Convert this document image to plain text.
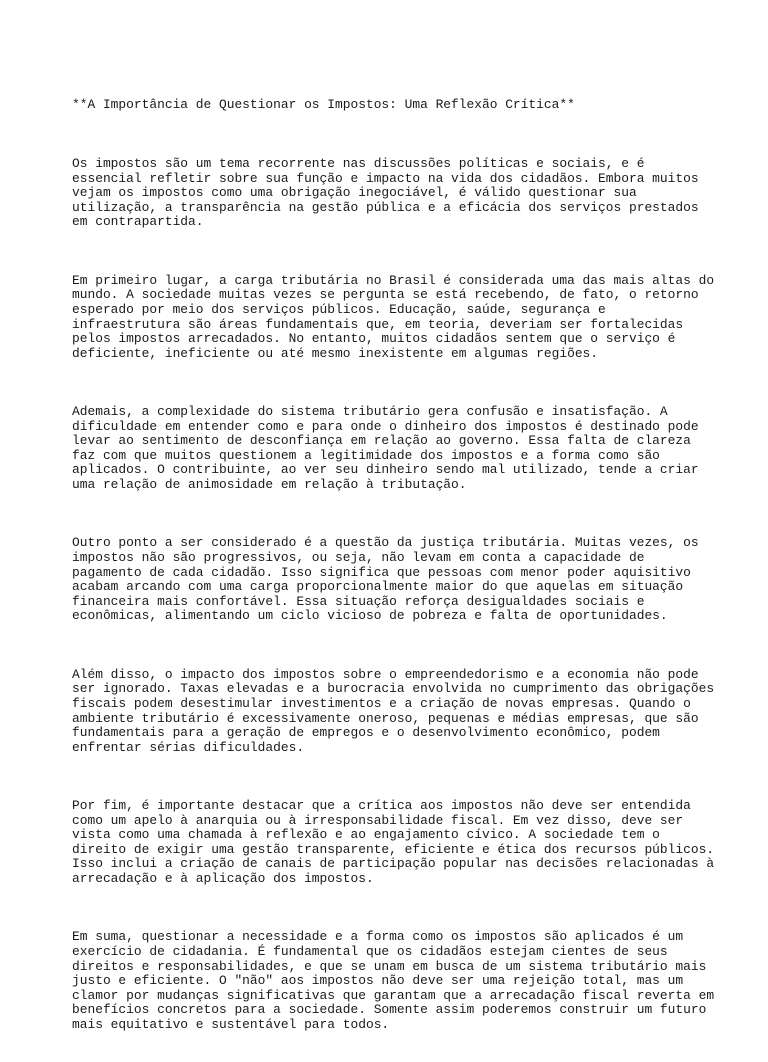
**A Importância de Questionar os Impostos: Uma Reflexão Crítica**

Os impostos são um tema recorrente nas discussões políticas e sociais, e é
essencial refletir sobre sua função e impacto na vida dos cidadãos. Embora muitos
vejam os impostos como uma obrigação inegociável, é válido questionar sua
utilização, a transparência na gestão pública e a eficácia dos serviços prestados
em contrapartida.

Em primeiro lugar, a carga tributária no Brasil é considerada uma das mais altas do
mundo. A sociedade muitas vezes se pergunta se está recebendo, de fato, o retorno
esperado por meio dos serviços públicos. Educação, saúde, segurança e
infraestrutura são áreas fundamentais que, em teoria, deveriam ser fortalecidas
pelos impostos arrecadados. No entanto, muitos cidadãos sentem que o serviço é
deficiente, ineficiente ou até mesmo inexistente em algumas regiões.

Ademais, a complexidade do sistema tributário gera confusão e insatisfação. A
dificuldade em entender como e para onde o dinheiro dos impostos é destinado pode
levar ao sentimento de desconfiança em relação ao governo. Essa falta de clareza
faz com que muitos questionem a legitimidade dos impostos e a forma como são
aplicados. O contribuinte, ao ver seu dinheiro sendo mal utilizado, tende a criar
uma relação de animosidade em relação à tributação.

Outro ponto a ser considerado é a questão da justiça tributária. Muitas vezes, os
impostos não são progressivos, ou seja, não levam em conta a capacidade de
pagamento de cada cidadão. Isso significa que pessoas com menor poder aquisitivo
acabam arcando com uma carga proporcionalmente maior do que aquelas em situação
financeira mais confortável. Essa situação reforça desigualdades sociais e
econômicas, alimentando um ciclo vicioso de pobreza e falta de oportunidades.

Além disso, o impacto dos impostos sobre o empreendedorismo e a economia não pode
ser ignorado. Taxas elevadas e a burocracia envolvida no cumprimento das obrigações
fiscais podem desestimular investimentos e a criação de novas empresas. Quando o
ambiente tributário é excessivamente oneroso, pequenas e médias empresas, que são
fundamentais para a geração de empregos e o desenvolvimento econômico, podem
enfrentar sérias dificuldades.

Por fim, é importante destacar que a crítica aos impostos não deve ser entendida
como um apelo à anarquia ou à irresponsabilidade fiscal. Em vez disso, deve ser
vista como uma chamada à reflexão e ao engajamento cívico. A sociedade tem o
direito de exigir uma gestão transparente, eficiente e ética dos recursos públicos.
Isso inclui a criação de canais de participação popular nas decisões relacionadas à
arrecadação e à aplicação dos impostos.

Em suma, questionar a necessidade e a forma como os impostos são aplicados é um
exercício de cidadania. É fundamental que os cidadãos estejam cientes de seus
direitos e responsabilidades, e que se unam em busca de um sistema tributário mais
justo e eficiente. O "não" aos impostos não deve ser uma rejeição total, mas um
clamor por mudanças significativas que garantam que a arrecadação fiscal reverta em
benefícios concretos para a sociedade. Somente assim poderemos construir um futuro
mais equitativo e sustentável para todos.
